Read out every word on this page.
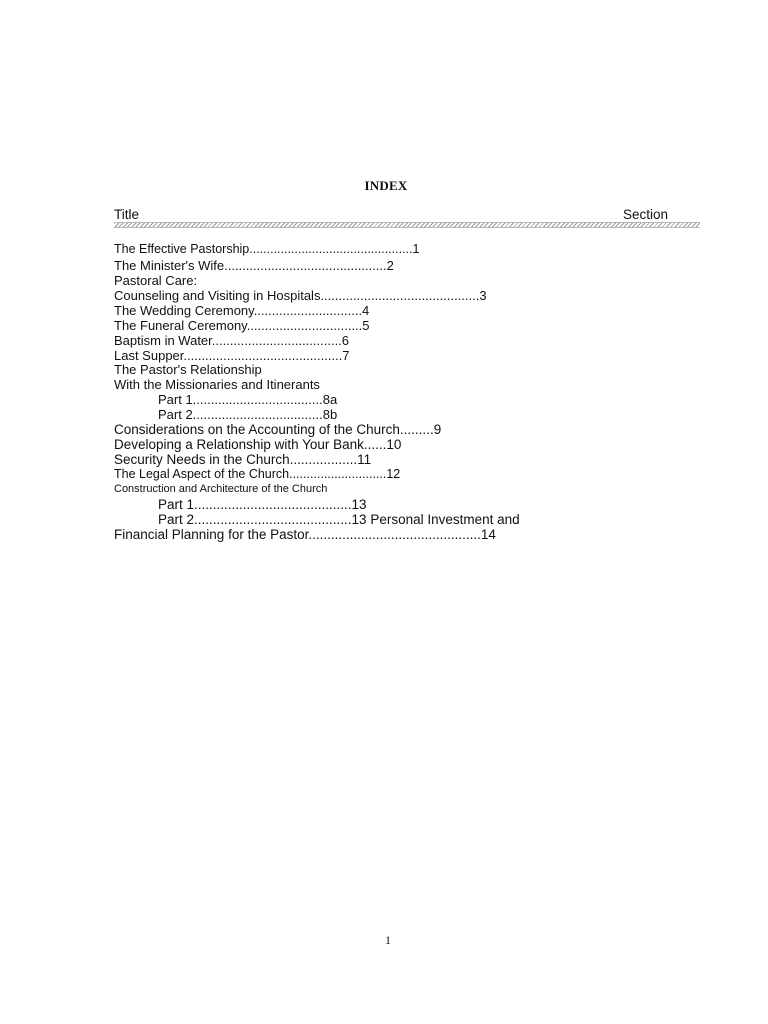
INDEX
Title	Section
The Effective Pastorship...............................................1
The Minister's Wife.............................................2
Pastoral Care:
Counseling and Visiting in Hospitals............................................3
The Wedding Ceremony..............................4
The Funeral Ceremony................................5
Baptism in Water....................................6
Last Supper............................................7
The Pastor's Relationship
With the Missionaries and Itinerants
Part 1....................................8a
Part 2....................................8b
Considerations on the Accounting of the Church.........9
Developing a Relationship with Your Bank......10
Security Needs in the Church..................11
The Legal Aspect of the Church............................12
Construction and Architecture of the Church
Part 1..........................................13
Part 2..........................................13 Personal Investment and
Financial Planning for the Pastor..............................................14
1
